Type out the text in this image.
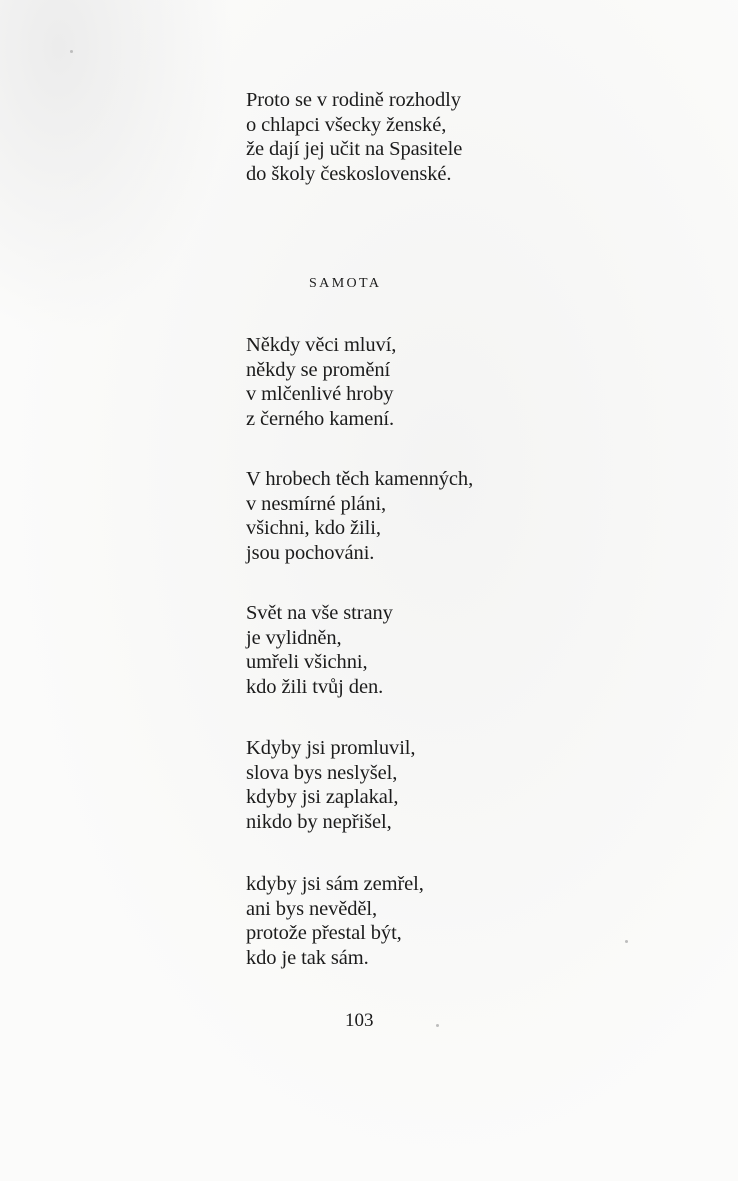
Proto se v rodině rozhodly
o chlapci všecky ženské,
že dají jej učit na Spasitele
do školy československé.
SAMOTA
Někdy věci mluví,
někdy se promění
v mlčenlivé hroby
z černého kamení.
V hrobech těch kamenných,
v nesmírné pláni,
všichni, kdo žili,
jsou pochováni.
Svět na vše strany
je vylidněn,
umřeli všichni,
kdo žili tvůj den.
Kdyby jsi promluvil,
slova bys neslyšel,
kdyby jsi zaplakal,
nikdo by nepřišel,
kdyby jsi sám zemřel,
ani bys nevěděl,
protože přestal být,
kdo je tak sám.
103
